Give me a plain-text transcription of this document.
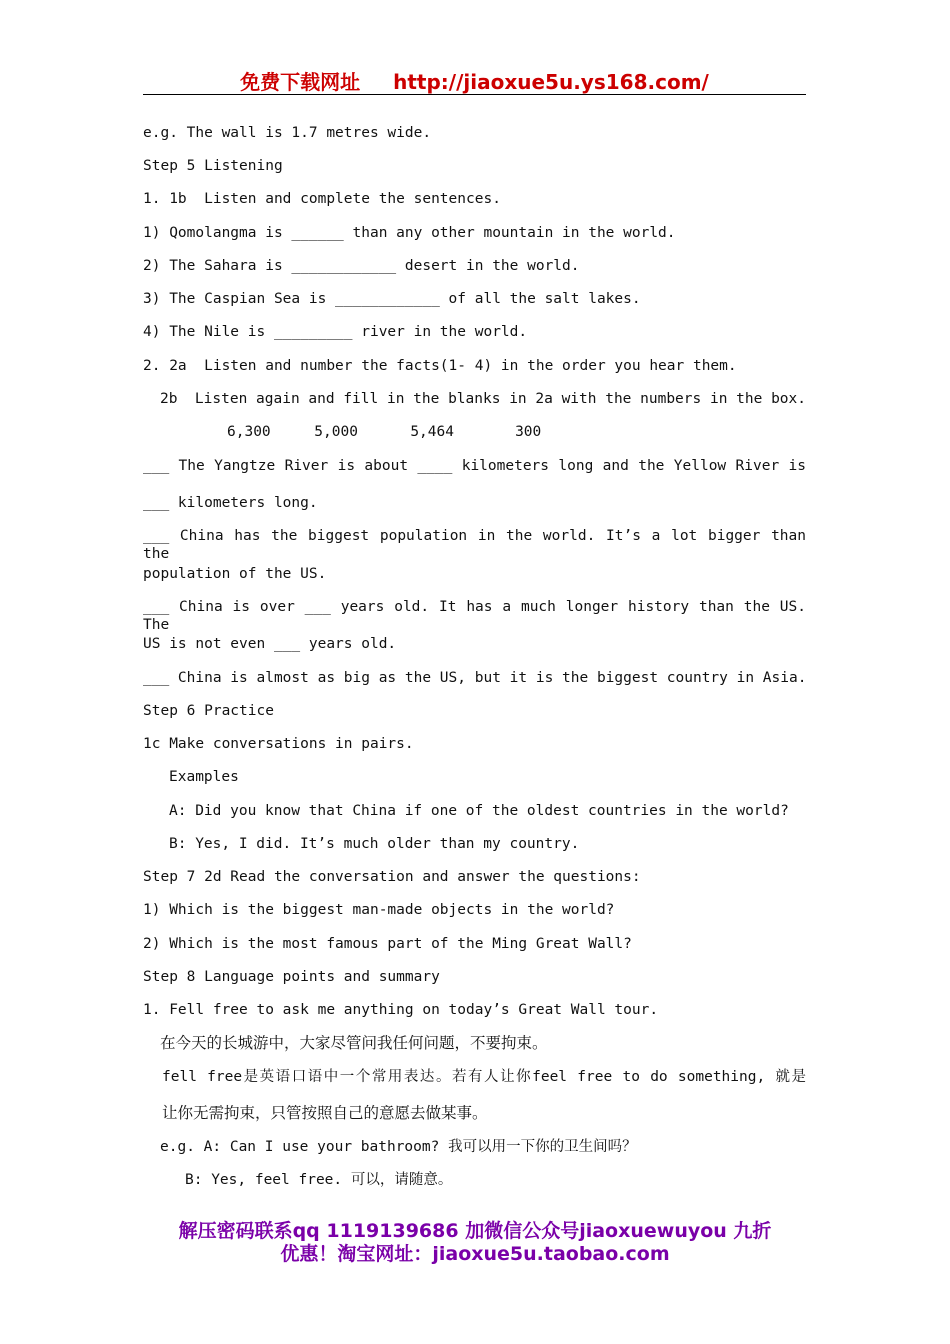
免费下载网址 http://jiaoxue5u.ys168.com/
e.g. The wall is 1.7 metres wide.
Step 5 Listening
1. 1b  Listen and complete the sentences.
1) Qomolangma is ______ than any other mountain in the world.
2) The Sahara is ____________ desert in the world.
3) The Caspian Sea is ____________ of all the salt lakes.
4) The Nile is _________ river in the world.
2. 2a  Listen and number the facts(1- 4) in the order you hear them.
2b  Listen again and fill in the blanks in 2a with the numbers in the box.
6,300     5,000      5,464       300
___ The Yangtze River is about ____ kilometers long and the Yellow River is
___ kilometers long.
___ China has the biggest population in the world. It’s a lot bigger than the
population of the US.
___ China is over ___ years old. It has a much longer history than the US. The
US is not even ___ years old.
___ China is almost as big as the US, but it is the biggest country in Asia.
Step 6 Practice
1c Make conversations in pairs.
Examples
A: Did you know that China if one of the oldest countries in the world?
B: Yes, I did. It’s much older than my country.
Step 7 2d Read the conversation and answer the questions:
1) Which is the biggest man-made objects in the world?
2) Which is the most famous part of the Ming Great Wall?
Step 8 Language points and summary
1. Fell free to ask me anything on today’s Great Wall tour.
在今天的长城游中，大家尽管问我任何问题，不要拘束。
fell free是英语口语中一个常用表达。若有人让你feel free to do something, 就是
让你无需拘束，只管按照自己的意愿去做某事。
e.g. A: Can I use your bathroom? 我可以用一下你的卫生间吗？
B: Yes, feel free. 可以，请随意。
解压密码联系qq 1119139686 加微信公众号jiaoxuewuyou 九折
优惠！淘宝网址：jiaoxue5u.taobao.com
